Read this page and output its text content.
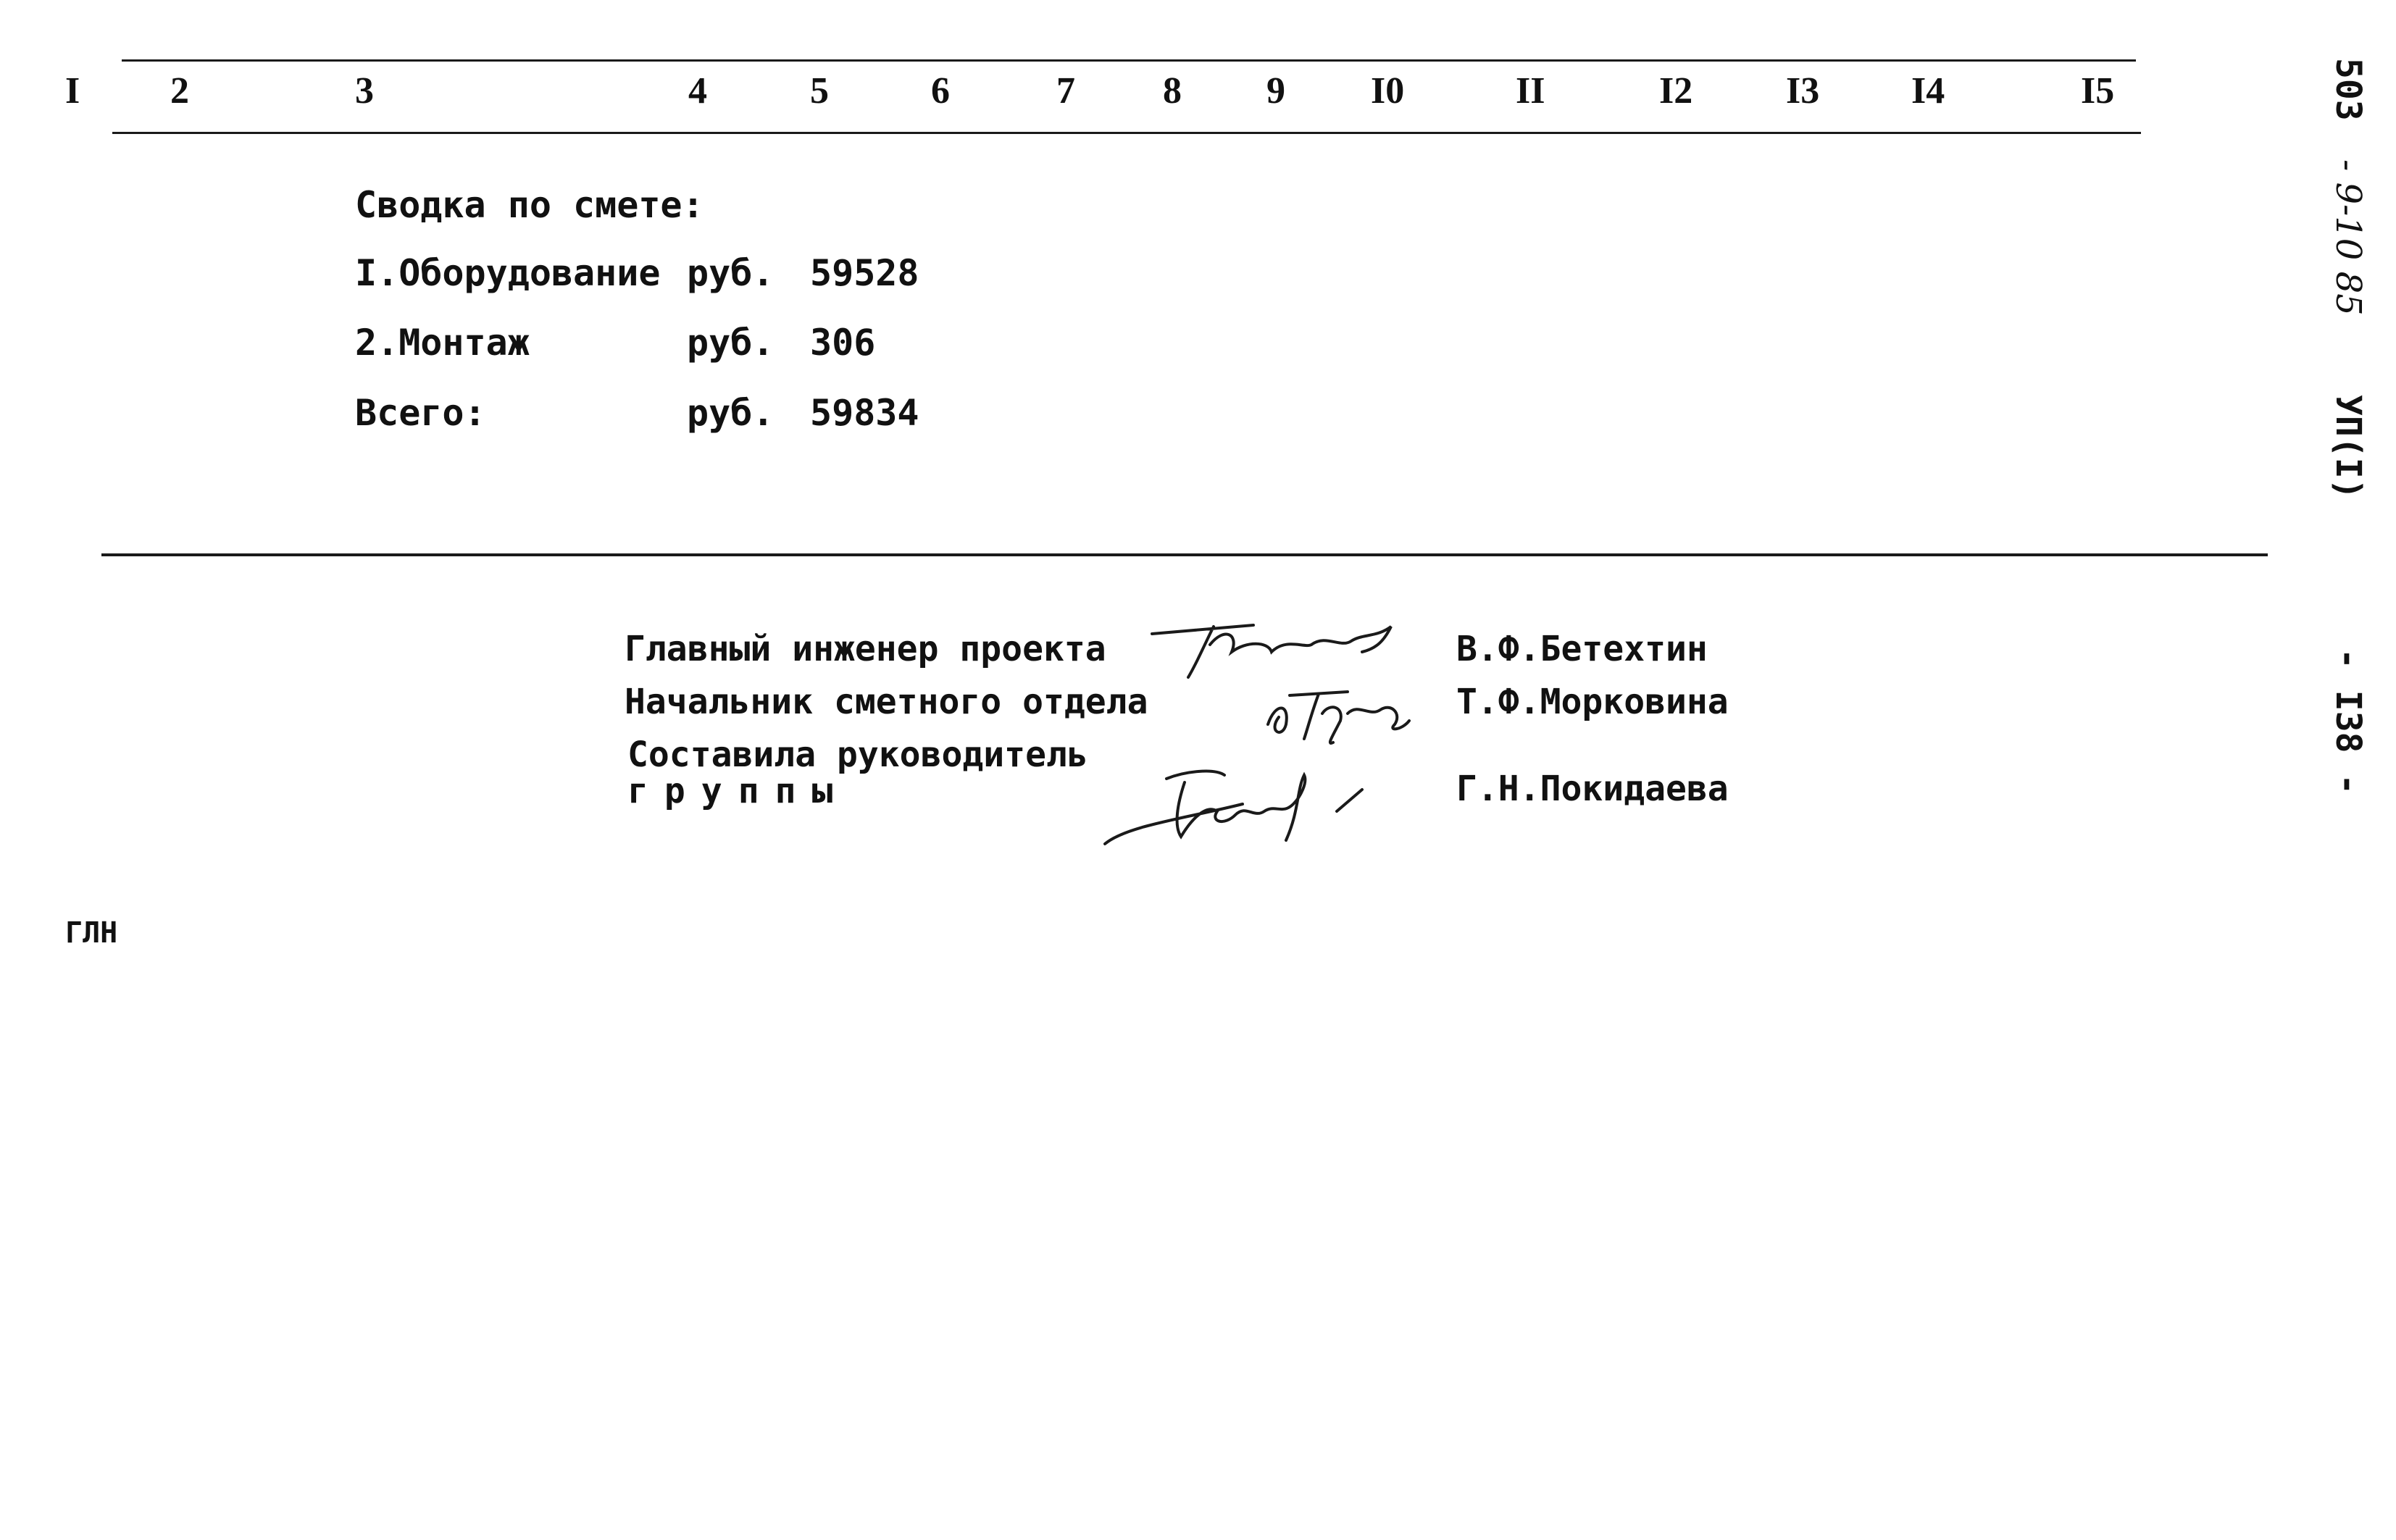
I 2	3	4	5	6	7 8 9 I0	II	I2 I3 I4	I5
Сводка по смете:
I.Оборудование руб. 59528
2.Монтаж	руб. 306
Всего:	руб. 59834
Главный инженер проекта	В.Ф.Бетехтин
Начальник сметного отдела	Т.Ф.Морковина
Составила руководитель
группы	Г.Н.Покидаева
503
- 9-10 85
УП(I)
- I38 -
ГЛН
